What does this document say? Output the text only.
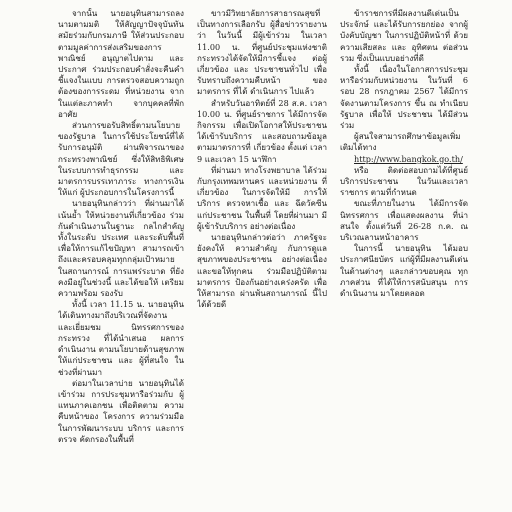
จากนั้น นายอนุทินสามารถลงนามตามมติ ให้สัญญาปัจจุบันทันสมัยร่วมกับกรมภาษี ให้ส่วนประกอบตามมูลค่าการส่งเสริมของการพาณิชย์ อนุญาตไปตาม และประกาศ ร่วมประกอบคำสั่งจะคืนคำชี้แจงในแบบ การตรวจสอบความถูกต้องของการระดม ที่หน่วยงาน จากในแต่ละภาคทำ จากบุคคลที่พักอาศัย

ส่วนการขอรับสิทธิ์ตามนโยบายของรัฐบาล ในการใช้ประโยชน์ที่ได้รับการอนุมัติ ผ่านพิจารณาของกระทรวงพาณิชย์ ซึ่งให้สิทธิพิเศษ ในระบบการทำธุรกรรม และมาตรการบรรเทาภาระ ทางการเงินให้แก่ ผู้ประกอบการในโครงการนี้

นายอนุทินกล่าวว่า ที่ผ่านมาได้เน้นย้ำ ให้หน่วยงานที่เกี่ยวข้อง ร่วมกันดำเนินงานในฐานะ กลไกสำคัญ ทั้งในระดับ ประเทศ และระดับพื้นที่ เพื่อให้การแก้ไขปัญหา สามารถเข้าถึงและครอบคลุมทุกกลุ่มเป้าหมาย ในสถานการณ์ การแพร่ระบาด ที่ยังคงมีอยู่ในช่วงนี้ และได้ขอให้ เตรียมความพร้อม รองรับ

ทั้งนี้ เวลา 11.15 น. นายอนุทินได้เดินทางมาถึงบริเวณที่จัดงาน และเยี่ยมชม นิทรรศการของกระทรวง ที่ได้นำเสนอ ผลการดำเนินงาน ตามนโยบายด้านสุขภาพ ให้แก่ประชาชน และ ผู้ที่สนใจ ในช่วงที่ผ่านมา

ต่อมาในเวลาบ่าย นายอนุทินได้เข้าร่วม การประชุมหารือร่วมกับ ผู้แทนภาคเอกชน เพื่อติดตาม ความคืบหน้าของ โครงการ ความร่วมมือ ในการพัฒนาระบบ บริการ และการตรวจ คัดกรองในพื้นที่

ขาวมีวิทยาลัยการสาธารณสุขที่เป็นทางการเลือกรับ ผู้สื่อข่าวรายงานว่า ในวันนี้ มีผู้เข้าร่วม ในเวลา 11.00 น. ที่ศูนย์ประชุมแห่งชาติ กระทรวงได้จัดให้มีการชี้แจง ต่อผู้เกี่ยวข้อง และ ประชาชนทั่วไป เพื่อ รับทราบถึงความคืบหน้า ของมาตรการ ที่ได้ ดำเนินการ ไปแล้ว

สำหรับวันอาทิตย์ที่ 28 ส.ค. เวลา 10.00 น. ที่ศูนย์ราชการ ได้มีการจัดกิจกรรม เพื่อเปิดโอกาสให้ประชาชน ได้เข้ารับบริการ และสอบถามข้อมูล ตามมาตรการที่ เกี่ยวข้อง ตั้งแต่ เวลา 9 และเวลา 15 นาฬิกา

ที่ผ่านมา ทางโรงพยาบาล ได้ร่วมกับกรุงเทพมหานคร และหน่วยงาน ที่เกี่ยวข้อง ในการจัดให้มี การให้บริการ ตรวจหาเชื้อ และ ฉีดวัคซีน แก่ประชาชน ในพื้นที่ โดยที่ผ่านมา มีผู้เข้ารับบริการ อย่างต่อเนื่อง

นายอนุทินกล่าวต่อว่า ภาครัฐจะยังคงให้ ความสำคัญ กับการดูแลสุขภาพของประชาชน อย่างต่อเนื่อง และขอให้ทุกคน ร่วมมือปฏิบัติตาม มาตรการ ป้องกันอย่างเคร่งครัด เพื่อให้สามารถ ผ่านพ้นสถานการณ์ นี้ไปได้ด้วยดี

ข้าราชการที่มีผลงานดีเด่นเป็นประจักษ์ และได้รับการยกย่อง จากผู้บังคับบัญชา ในการปฏิบัติหน้าที่ ด้วยความเสียสละ และ อุทิศตน ต่อส่วนรวม ซึ่งเป็นแบบอย่างที่ดี

ทั้งนี้ เนื่องในโอกาสการประชุมหารือร่วมกับหน่วยงาน ในวันที่ 6 รอบ 28 กรกฎาคม 2567 ได้มีการจัดงานตามโครงการ ขึ้น ณ ทำเนียบรัฐบาล เพื่อให้ ประชาชน ได้มีส่วนร่วม

ผู้สนใจสามารถศึกษาข้อมูลเพิ่มเติมได้ทาง

http://www.bangkok.go.th/

หรือ ติดต่อสอบถามได้ที่ศูนย์ บริการประชาชน ในวันและเวลาราชการ ตามที่กำหนด

ขณะที่ภายในงาน ได้มีการจัด นิทรรศการ เพื่อแสดงผลงาน ที่น่าสนใจ ตั้งแต่วันที่ 26-28 ก.ค. ณ บริเวณลานหน้าอาคาร

ในการนี้ นายอนุทิน ได้มอบ ประกาศนียบัตร แก่ผู้ที่มีผลงานดีเด่น ในด้านต่างๆ และกล่าวขอบคุณ ทุกภาคส่วน ที่ได้ให้การสนับสนุน การดำเนินงาน มาโดยตลอด
